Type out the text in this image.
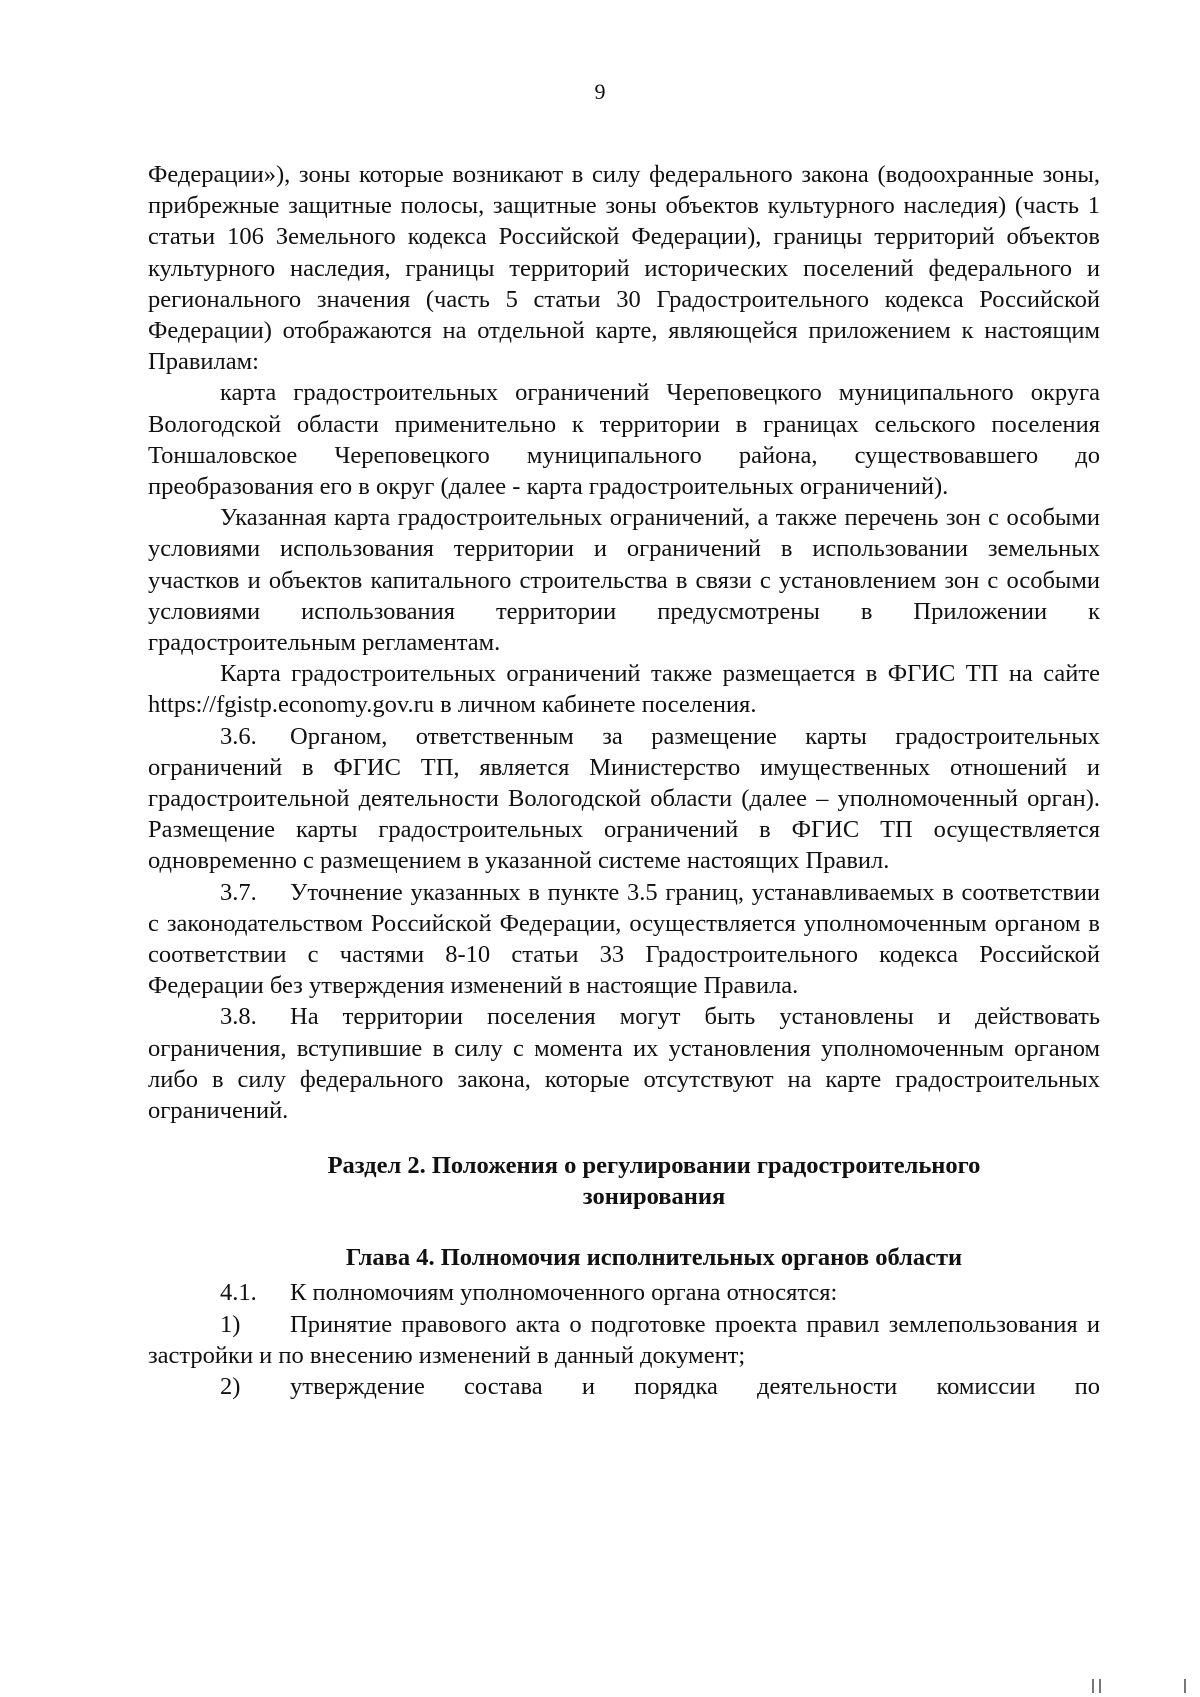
9

Федерации»), зоны которые возникают в силу федерального закона (водоохранные зоны, прибрежные защитные полосы, защитные зоны объектов культурного наследия) (часть 1 статьи 106 Земельного кодекса Российской Федерации), границы территорий объектов культурного наследия, границы территорий исторических поселений федерального и регионального значения (часть 5 статьи 30 Градостроительного кодекса Российской Федерации) отображаются на отдельной карте, являющейся приложением к настоящим Правилам:

карта градостроительных ограничений Череповецкого муниципального округа Вологодской области применительно к территории в границах сельского поселения Тоншаловское Череповецкого муниципального района, существовавшего до преобразования его в округ (далее - карта градостроительных ограничений).

Указанная карта градостроительных ограничений, а также перечень зон с особыми условиями использования территории и ограничений в использовании земельных участков и объектов капитального строительства в связи с установлением зон с особыми условиями использования территории предусмотрены в Приложении к градостроительным регламентам.

Карта градостроительных ограничений также размещается в ФГИС ТП на сайте https://fgistp.economy.gov.ru в личном кабинете поселения.

3.6. Органом, ответственным за размещение карты градостроительных ограничений в ФГИС ТП, является Министерство имущественных отношений и градостроительной деятельности Вологодской области (далее – уполномоченный орган). Размещение карты градостроительных ограничений в ФГИС ТП осуществляется одновременно с размещением в указанной системе настоящих Правил.

3.7. Уточнение указанных в пункте 3.5 границ, устанавливаемых в соответствии с законодательством Российской Федерации, осуществляется уполномоченным органом в соответствии с частями 8-10 статьи 33 Градостроительного кодекса Российской Федерации без утверждения изменений в настоящие Правила.

3.8. На территории поселения могут быть установлены и действовать ограничения, вступившие в силу с момента их установления уполномоченным органом либо в силу федерального закона, которые отсутствуют на карте градостроительных ограничений.

Раздел 2. Положения о регулировании градостроительного
зонирования
Глава 4. Полномочия исполнительных органов области

4.1. К полномочиям уполномоченного органа относятся:

1) Принятие правового акта о подготовке проекта правил землепользования и застройки и по внесению изменений в данный документ;

2) утверждение состава и порядка деятельности комиссии по
